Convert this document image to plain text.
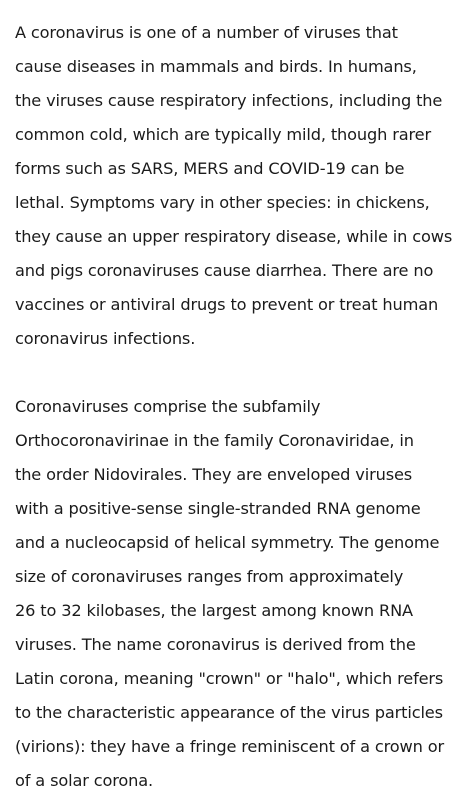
A coronavirus is one of a number of viruses that
cause diseases in mammals and birds. In humans,
the viruses cause respiratory infections, including the
common cold, which are typically mild, though rarer
forms such as SARS, MERS and COVID-19 can be
lethal. Symptoms vary in other species: in chickens,
they cause an upper respiratory disease, while in cows
and pigs coronaviruses cause diarrhea. There are no
vaccines or antiviral drugs to prevent or treat human
coronavirus infections.

Coronaviruses comprise the subfamily
Orthocoronavirinae in the family Coronaviridae, in
the order Nidovirales. They are enveloped viruses
with a positive-sense single-stranded RNA genome
and a nucleocapsid of helical symmetry. The genome
size of coronaviruses ranges from approximately
26 to 32 kilobases, the largest among known RNA
viruses. The name coronavirus is derived from the
Latin corona, meaning "crown" or "halo", which refers
to the characteristic appearance of the virus particles
(virions): they have a fringe reminiscent of a crown or
of a solar corona.
